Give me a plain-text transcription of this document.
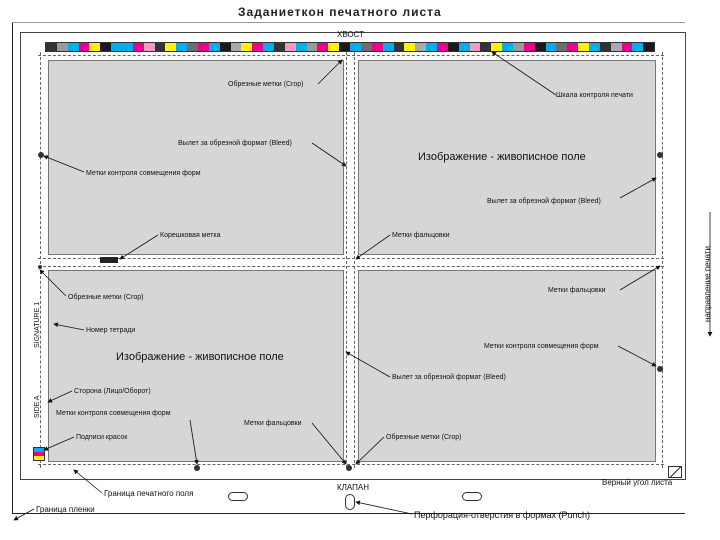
Заданиеткон печатного листа
ХВОСТ
Изображение - живописное поле
Изображение - живописное поле
Обрезные метки (Crop)
Шкала контроля печати
Вылет за обрезной формат (Bleed)
Метки контроля совмещения форм
Вылет за обрезной формат (Bleed)
Корешковая метка	Метки фальцовки
Обрезные метки (Crop)
Метки фальцовки
Номер тетради
Метки контроля совмещения форм
Вылет за обрезной формат (Bleed)
Сторона (Лицо/Оборот)
Метки контроля совмещения форм
Метки фальцовки
Подписи красок	Обрезные метки (Crop)
Верный угол листа
КЛАПАН
Граница печатного поля
Граница пленки
Перфорация-отверстия в формах (Punch)
SIGNATURE 1
SIDE A
направление печати
